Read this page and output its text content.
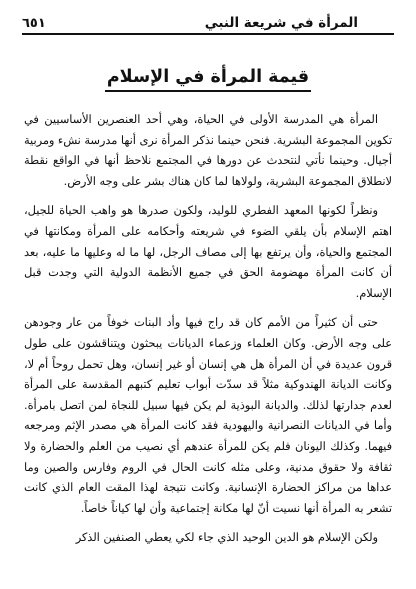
المرأة في شريعة النبي
٦٥١
قيمة المرأة في الإسلام

المرأة هي المدرسة الأولى في الحياة، وهي أحد العنصرين الأساسيين في تكوين المجموعة البشرية. فنحن حينما نذكر المرأة نرى أنها مدرسة نشء ومربية أجيال. وحينما نأتي لنتحدث عن دورها في المجتمع نلاحظ أنها في الواقع نقطة لانطلاق المجموعة البشرية، ولولاها لما كان هناك بشر على وجه الأرض.

ونظراً لكونها المعهد الفطري للوليد، ولكون صدرها هو واهب الحياة للجيل، اهتم الإسلام بأن يلقي الضوء في شريعته وأحكامه على المرأة ومكانتها في المجتمع والحياة، وأن يرتفع بها إلى مصاف الرجل، لها ما له وعليها ما عليه، بعد أن كانت المرأة مهضومة الحق في جميع الأنظمة الدولية التي وجدت قبل الإسلام.

حتى أن كثيراً من الأمم كان قد راج فيها وأد البنات خوفاً من عار وجودهن على وجه الأرض. وكان العلماء وزعماء الديانات يبحثون ويتناقشون على طول قرون عديدة في أن المرأة هل هي إنسان أو غير إنسان، وهل تحمل روحاً أم لا، وكانت الديانة الهندوكية مثلاً قد سدّت أبواب تعليم كتبهم المقدسة على المرأة لعدم جدارتها لذلك. والديانة البوذية لم يكن فيها سبيل للنجاة لمن اتصل بامرأة. وأما في الديانات النصرانية واليهودية فقد كانت المرأة هي مصدر الإثم ومرجعه فيهما. وكذلك اليونان فلم يكن للمرأة عندهم أي نصيب من العلم والحضارة ولا ثقافة ولا حقوق مدنية، وعلى مثله كانت الحال في الروم وفارس والصين وما عداها من مراكز الحضارة الإنسانية. وكانت نتيجة لهذا المقت العام الذي كانت تشعر به المرأة أنها نسيت أنّ لها مكانة إجتماعية وأن لها كياناً خاصاً.

ولكن الإسلام هو الدين الوحيد الذي جاء لكي يعطي الصنفين الذكر
